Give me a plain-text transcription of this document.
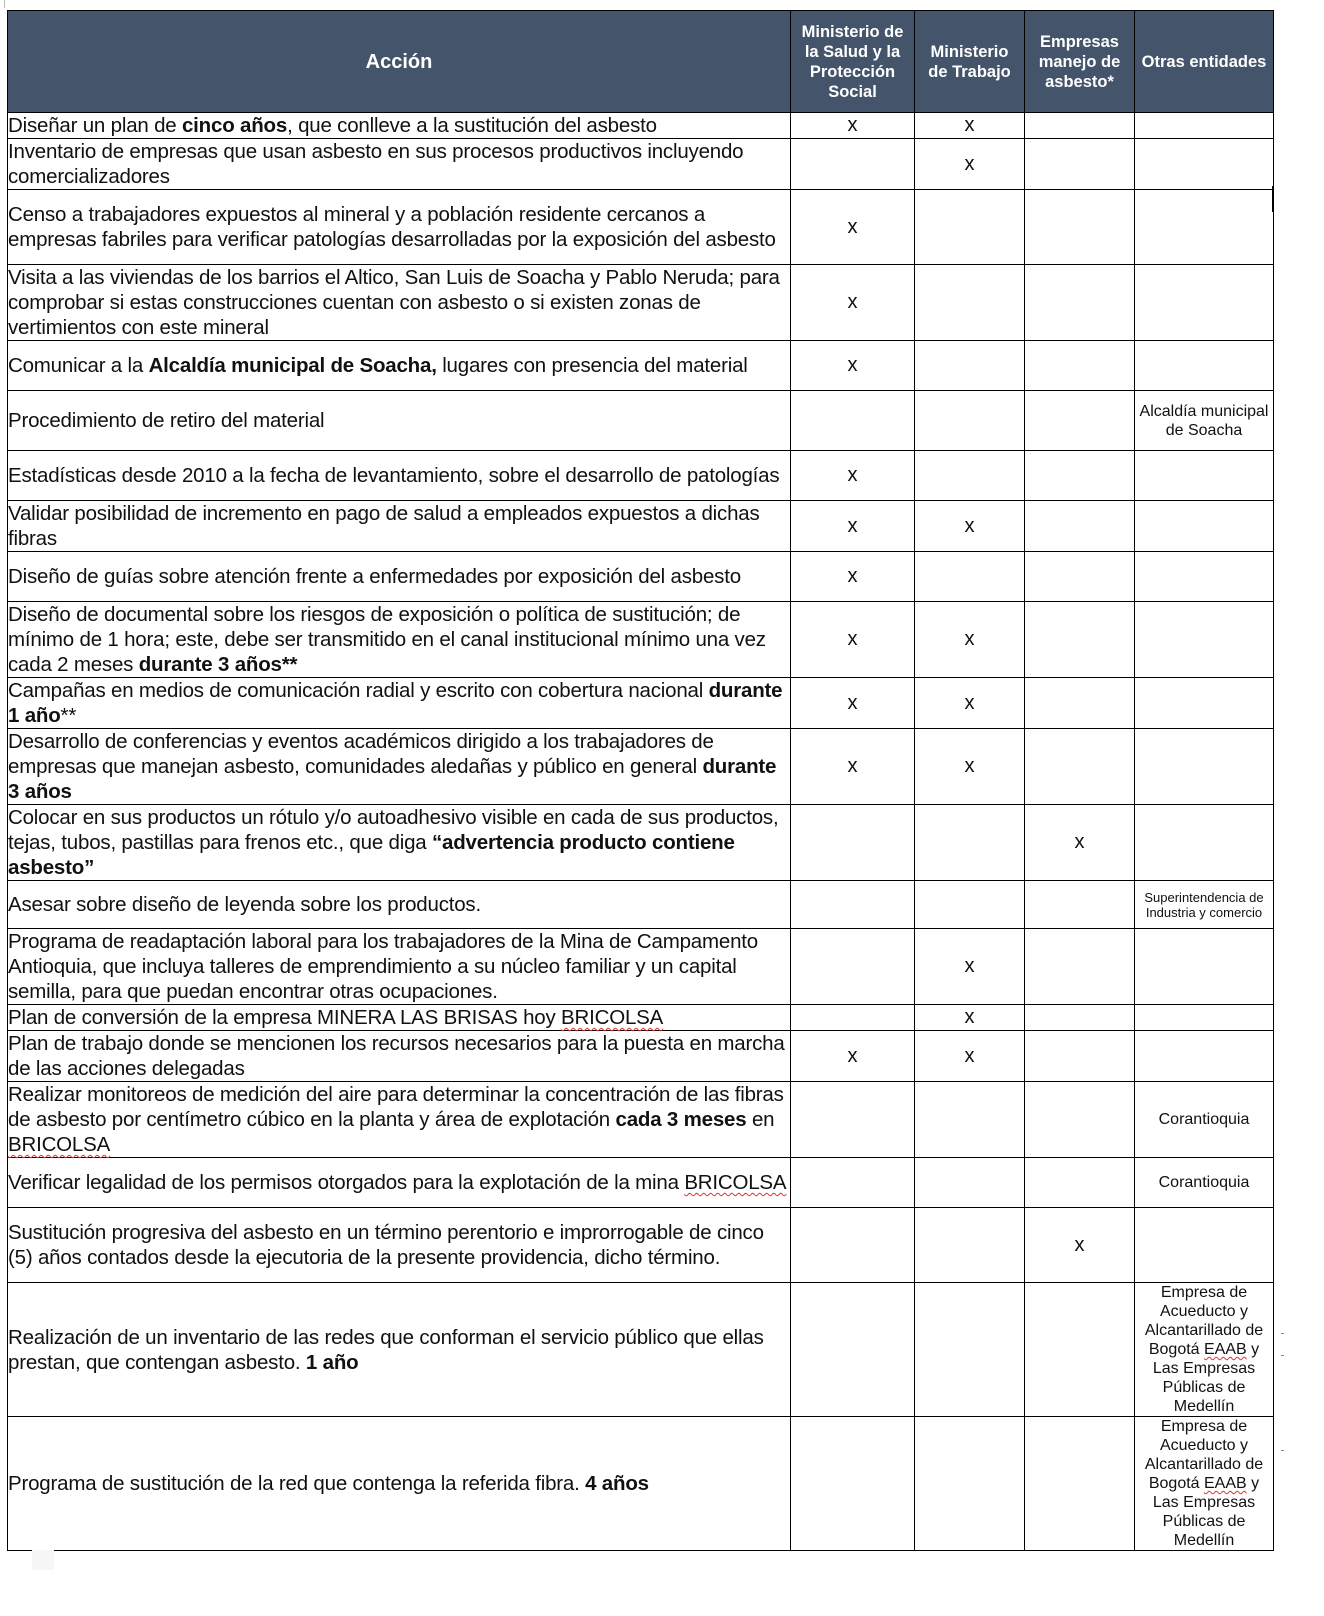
Acción	Ministerio de la Salud y la Protección Social	Ministerio de Trabajo	Empresas manejo de asbesto*	Otras entidades
Diseñar un plan de cinco años, que conlleve a la sustitución del asbesto	x	x		
Inventario de empresas que usan asbesto en sus procesos productivos incluyendo comercializadores		x		
Censo a trabajadores expuestos al mineral y a población residente cercanos a empresas fabriles para verificar patologías desarrolladas por la exposición del asbesto	x			
Visita a las viviendas de los barrios el Altico, San Luis de Soacha y Pablo Neruda; para comprobar si estas construcciones cuentan con asbesto o si existen zonas de vertimientos con este mineral	x			
Comunicar a la Alcaldía municipal de Soacha, lugares con presencia del material	x			
Procedimiento de retiro del material				Alcaldía municipal de Soacha
Estadísticas desde 2010 a la fecha de levantamiento, sobre el desarrollo de patologías	x			
Validar posibilidad de incremento en pago de salud a empleados expuestos a dichas fibras	x	x		
Diseño de guías sobre atención frente a enfermedades por exposición del asbesto	x			
Diseño de documental sobre los riesgos de exposición o política de sustitución; de mínimo de 1 hora; este, debe ser transmitido en el canal institucional mínimo una vez cada 2 meses durante 3 años**	x	x		
Campañas en medios de comunicación radial y escrito con cobertura nacional durante 1 año**	x	x		
Desarrollo de conferencias y eventos académicos dirigido a los trabajadores de empresas que manejan asbesto, comunidades aledañas y público en general durante 3 años	x	x		
Colocar en sus productos un rótulo y/o autoadhesivo visible en cada de sus productos, tejas, tubos, pastillas para frenos etc., que diga “advertencia producto contiene asbesto”			x	
Asesar sobre diseño de leyenda sobre los productos.				Superintendencia de Industria y comercio
Programa de readaptación laboral para los trabajadores de la Mina de Campamento Antioquia, que incluya talleres de emprendimiento a su núcleo familiar y un capital semilla, para que puedan encontrar otras ocupaciones.		x		
Plan de conversión de la empresa MINERA LAS BRISAS hoy BRICOLSA		x		
Plan de trabajo donde se mencionen los recursos necesarios para la puesta en marcha de las acciones delegadas	x	x		
Realizar monitoreos de medición del aire para determinar la concentración de las fibras de asbesto por centímetro cúbico en la planta y área de explotación cada 3 meses en BRICOLSA				Corantioquia
Verificar legalidad de los permisos otorgados para la explotación de la mina BRICOLSA				Corantioquia
Sustitución progresiva del asbesto en un término perentorio e improrrogable de cinco (5) años contados desde la ejecutoria de la presente providencia, dicho término.			x	
Realización de un inventario de las redes que conforman el servicio público que ellas prestan, que contengan asbesto. 1 año				Empresa de Acueducto y Alcantarillado de Bogotá EAAB y Las Empresas Públicas de Medellín
Programa de sustitución de la red que contenga la referida fibra. 4 años				Empresa de Acueducto y Alcantarillado de Bogotá EAAB y Las Empresas Públicas de Medellín
